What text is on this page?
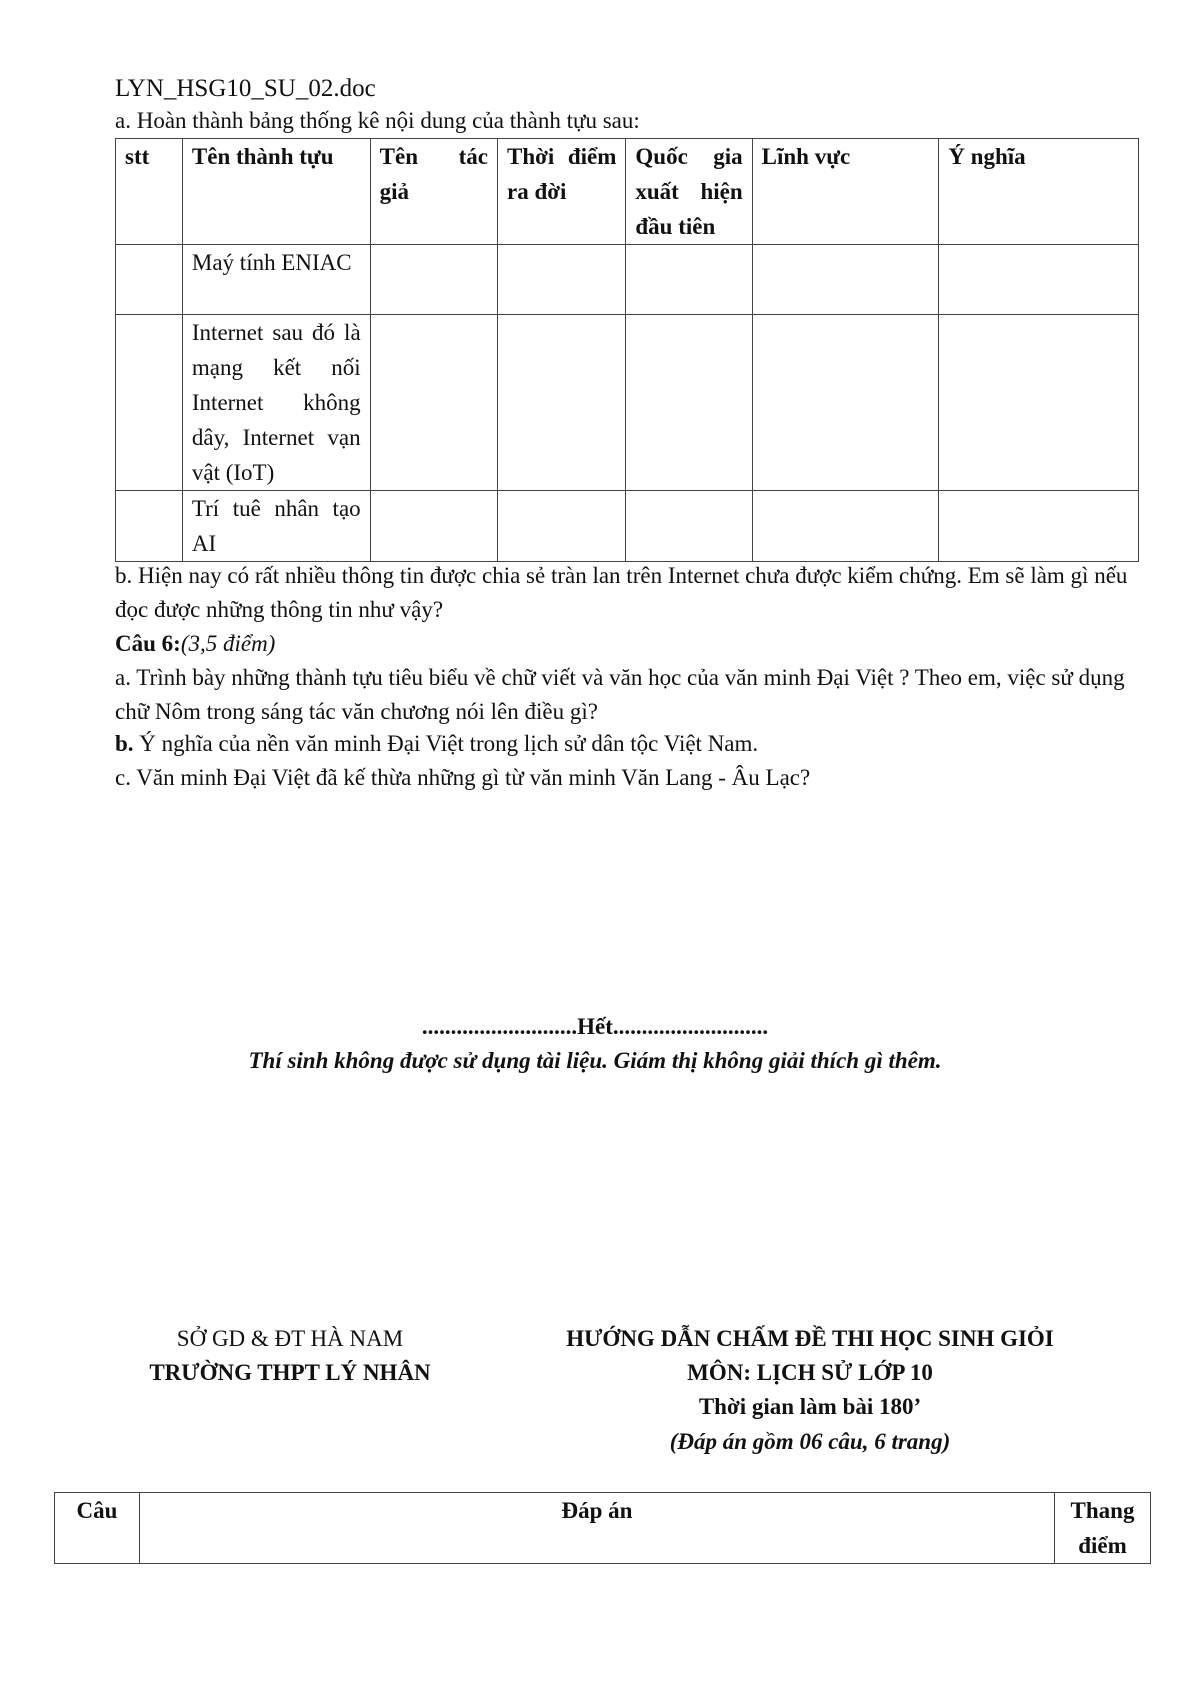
LYN_HSG10_SU_02.doc
a. Hoàn thành bảng thống kê nội dung của thành tựu sau:
stt	Tên thành tựu	Tên tác giả	Thời điểm ra đời	Quốc gia xuất hiện đầu tiên	Lĩnh vực	Ý nghĩa
	Maý tính ENIAC					
	Internet sau đó là mạng kết nối Internet không dây, Internet vạn vật (IoT)					
	Trí tuê nhân tạo AI					
b. Hiện nay có rất nhiều thông tin được chia sẻ tràn lan trên Internet chưa được kiểm chứng. Em sẽ làm gì nếu đọc được những thông tin như vậy?
Câu 6:(3,5 điểm)
a. Trình bày những thành tựu tiêu biểu về chữ viết và văn học của văn minh Đại Việt ? Theo em, việc sử dụng chữ Nôm trong sáng tác văn chương nói lên điều gì?
b. Ý nghĩa của nền văn minh Đại Việt trong lịch sử dân tộc Việt Nam.
c. Văn minh Đại Việt đã kế thừa những gì từ văn minh Văn Lang - Âu Lạc?
...........................Hết...........................
Thí sinh không được sử dụng tài liệu. Giám thị không giải thích gì thêm.
SỞ GD & ĐT HÀ NAM
TRƯỜNG THPT LÝ NHÂN
HƯỚNG DẪN CHẤM ĐỀ THI HỌC SINH GIỎI
MÔN: LỊCH SỬ LỚP 10
Thời gian làm bài 180’
(Đáp án gồm 06 câu, 6 trang)
Câu	Đáp án	Thang điểm
